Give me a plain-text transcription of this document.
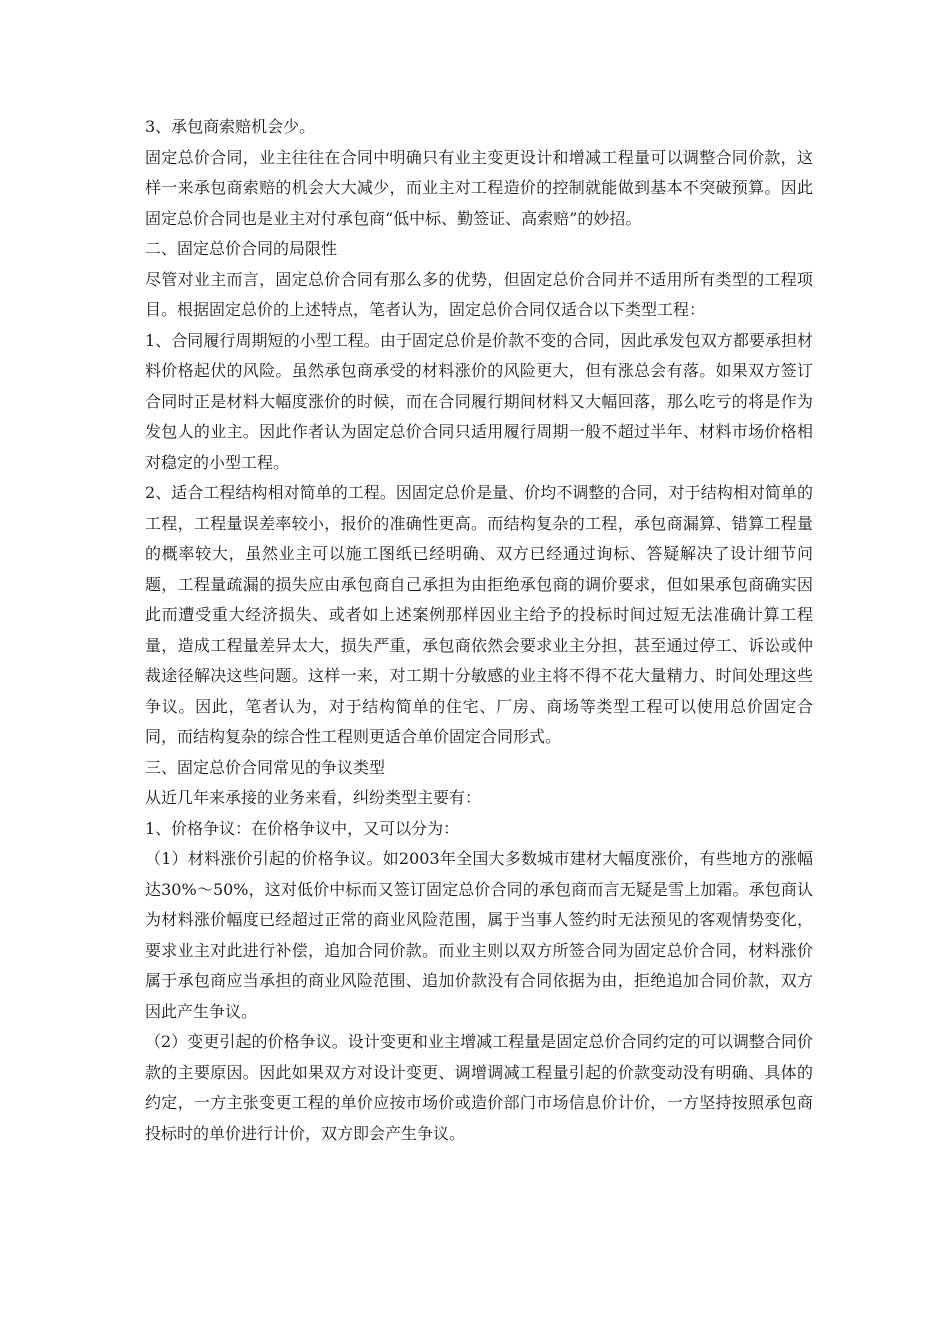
3、承包商索赔机会少。

固定总价合同，业主往往在合同中明确只有业主变更设计和增减工程量可以调整合同价款，这样一来承包商索赔的机会大大减少，而业主对工程造价的控制就能做到基本不突破预算。因此固定总价合同也是业主对付承包商“低中标、勤签证、高索赔”的妙招。

二、固定总价合同的局限性

尽管对业主而言，固定总价合同有那么多的优势，但固定总价合同并不适用所有类型的工程项目。根据固定总价的上述特点，笔者认为，固定总价合同仅适合以下类型工程：

1、合同履行周期短的小型工程。由于固定总价是价款不变的合同，因此承发包双方都要承担材料价格起伏的风险。虽然承包商承受的材料涨价的风险更大，但有涨总会有落。如果双方签订合同时正是材料大幅度涨价的时候，而在合同履行期间材料又大幅回落，那么吃亏的将是作为发包人的业主。因此作者认为固定总价合同只适用履行周期一般不超过半年、材料市场价格相对稳定的小型工程。

2、适合工程结构相对简单的工程。因固定总价是量、价均不调整的合同，对于结构相对简单的工程，工程量误差率较小，报价的准确性更高。而结构复杂的工程，承包商漏算、错算工程量的概率较大，虽然业主可以施工图纸已经明确、双方已经通过询标、答疑解决了设计细节问题，工程量疏漏的损失应由承包商自己承担为由拒绝承包商的调价要求，但如果承包商确实因此而遭受重大经济损失、或者如上述案例那样因业主给予的投标时间过短无法准确计算工程量，造成工程量差异太大，损失严重，承包商依然会要求业主分担，甚至通过停工、诉讼或仲裁途径解决这些问题。这样一来，对工期十分敏感的业主将不得不花大量精力、时间处理这些争议。因此，笔者认为，对于结构简单的住宅、厂房、商场等类型工程可以使用总价固定合同，而结构复杂的综合性工程则更适合单价固定合同形式。

三、固定总价合同常见的争议类型

从近几年来承接的业务来看，纠纷类型主要有：

1、价格争议：在价格争议中，又可以分为：

（1）材料涨价引起的价格争议。如2003年全国大多数城市建材大幅度涨价，有些地方的涨幅达30%～50%，这对低价中标而又签订固定总价合同的承包商而言无疑是雪上加霜。承包商认为材料涨价幅度已经超过正常的商业风险范围，属于当事人签约时无法预见的客观情势变化，要求业主对此进行补偿，追加合同价款。而业主则以双方所签合同为固定总价合同，材料涨价属于承包商应当承担的商业风险范围、追加价款没有合同依据为由，拒绝追加合同价款，双方因此产生争议。

（2）变更引起的价格争议。设计变更和业主增减工程量是固定总价合同约定的可以调整合同价款的主要原因。因此如果双方对设计变更、调增调减工程量引起的价款变动没有明确、具体的约定，一方主张变更工程的单价应按市场价或造价部门市场信息价计价，一方坚持按照承包商投标时的单价进行计价，双方即会产生争议。
